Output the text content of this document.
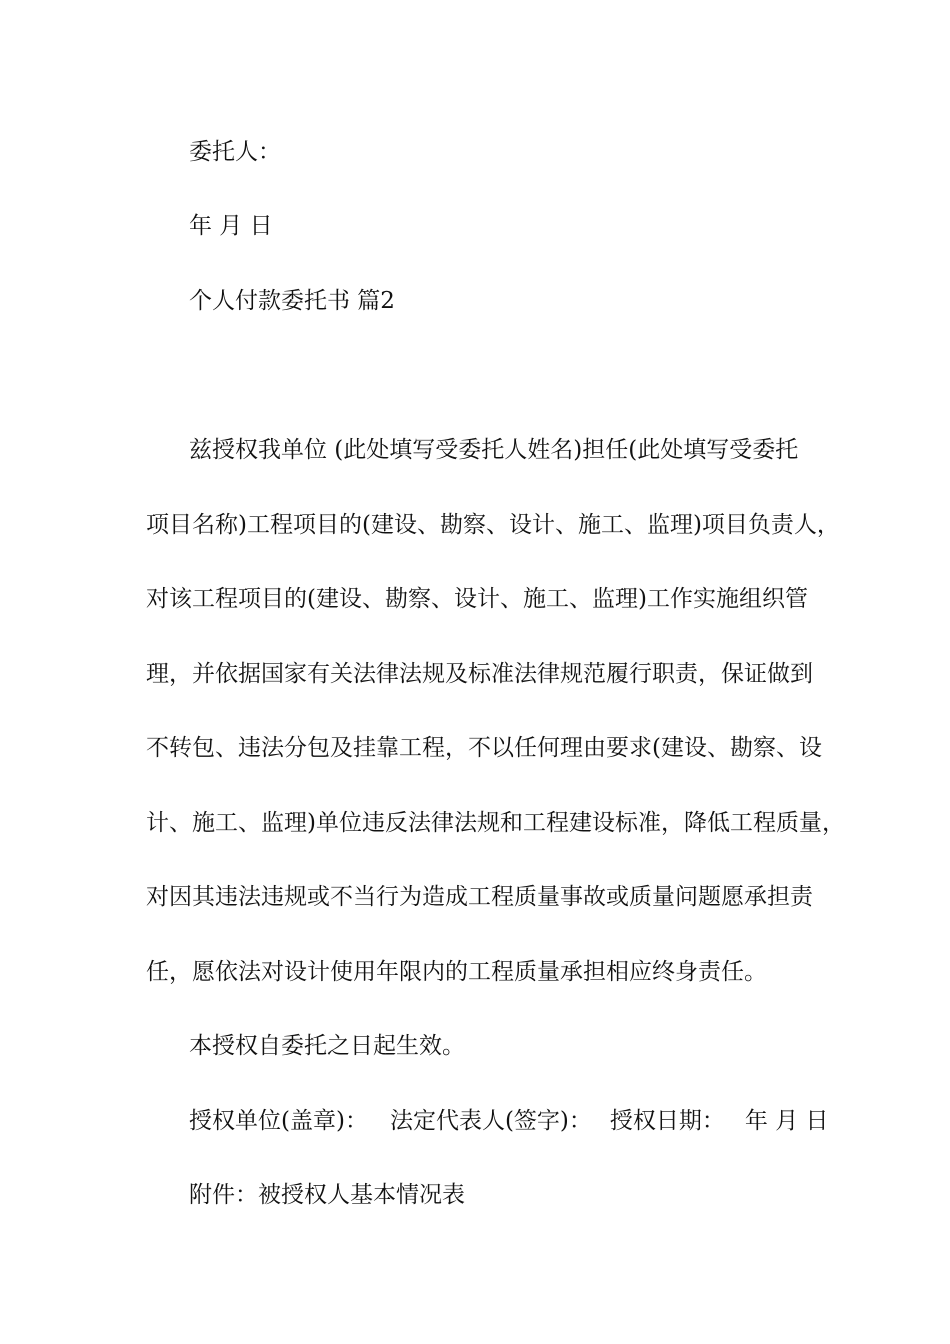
委托人：
年 月 日
个人付款委托书 篇2
兹授权我单位 (此处填写受委托人姓名)担任(此处填写受委托
项目名称)工程项目的(建设、勘察、设计、施工、监理)项目负责人，
对该工程项目的(建设、勘察、设计、施工、监理)工作实施组织管
理，并依据国家有关法律法规及标准法律规范履行职责，保证做到
不转包、违法分包及挂靠工程，不以任何理由要求(建设、勘察、设
计、施工、监理)单位违反法律法规和工程建设标准，降低工程质量，
对因其违法违规或不当行为造成工程质量事故或质量问题愿承担责
任，愿依法对设计使用年限内的工程质量承担相应终身责任。
本授权自委托之日起生效。
授权单位(盖章)： 法定代表人(签字)： 授权日期： 年 月 日
附件：被授权人基本情况表
